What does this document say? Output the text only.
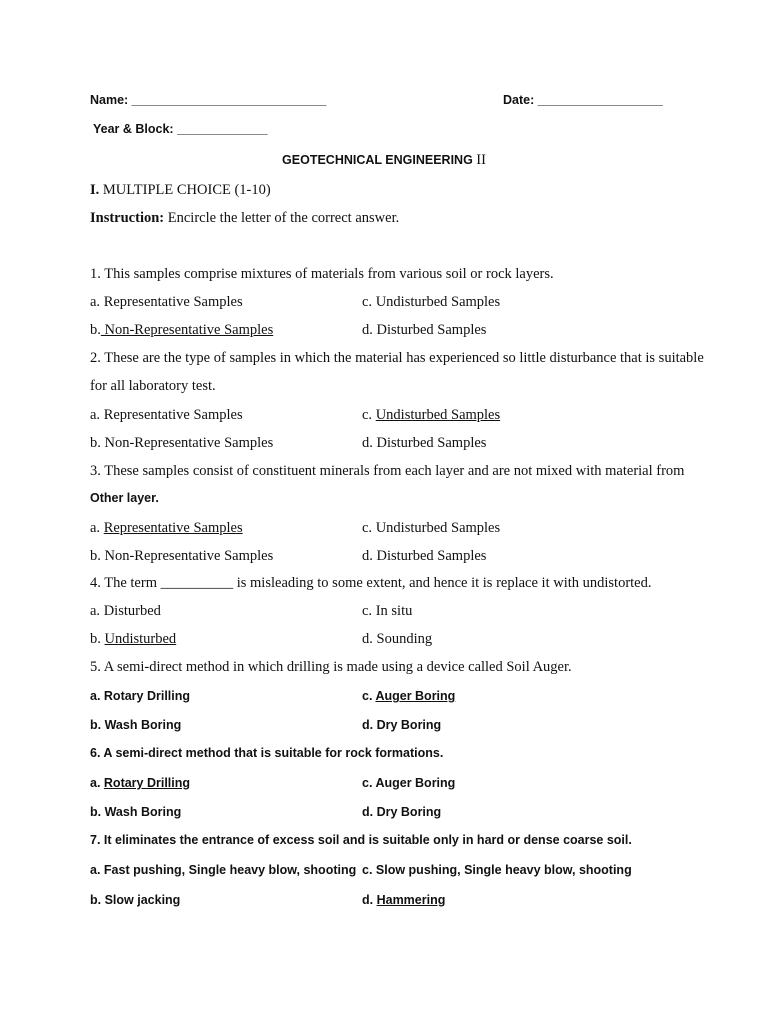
Name: ____________________________	Date: __________________
Year & Block: _____________
GEOTECHNICAL ENGINEERING II
I. MULTIPLE CHOICE (1-10)
Instruction: Encircle the letter of the correct answer.
1. This samples comprise mixtures of materials from various soil or rock layers.
a. Representative Samples	c. Undisturbed Samples
b. Non-Representative Samples	d. Disturbed Samples
2. These are the type of samples in which the material has experienced so little disturbance that is suitable
for all laboratory test.
a. Representative Samples	c. Undisturbed Samples
b. Non-Representative Samples	d. Disturbed Samples
3. These samples consist of constituent minerals from each layer and are not mixed with material from
Other layer.
a. Representative Samples	c. Undisturbed Samples
b. Non-Representative Samples	d. Disturbed Samples
4. The term __________ is misleading to some extent, and hence it is replace it with undistorted.
a. Disturbed	c. In situ
b. Undisturbed	d. Sounding
5. A semi-direct method in which drilling is made using a device called Soil Auger.
a. Rotary Drilling	c. Auger Boring
b. Wash Boring	d. Dry Boring
6. A semi-direct method that is suitable for rock formations.
a. Rotary Drilling	c. Auger Boring
b. Wash Boring	d. Dry Boring
7. It eliminates the entrance of excess soil and is suitable only in hard or dense coarse soil.
a. Fast pushing, Single heavy blow, shooting c. Slow pushing, Single heavy blow, shooting
b. Slow jacking	d. Hammering
